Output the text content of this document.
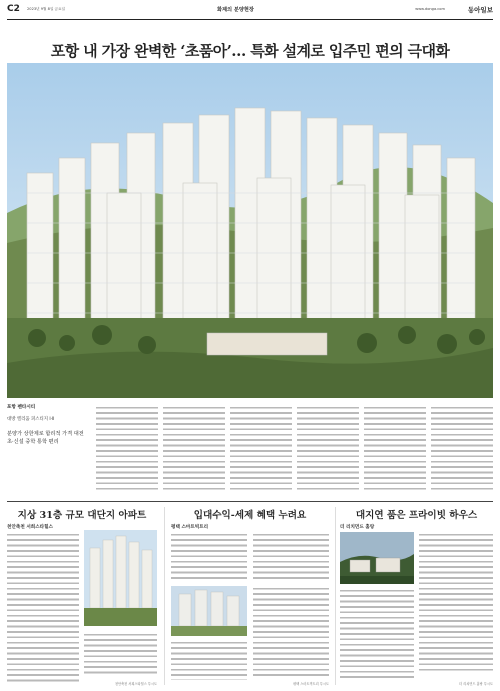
C2 2023년 9월 8일 금요일	화제의 분양현장	www.donga.com	동아일보
포항 내 가장 완벽한 ‘초품아’… 특화 설계로 입주민 편의 극대화
포항 펜타시티
대방 엘리움 퍼스티지 Ⅰ·Ⅱ
분양가 상한제로 합리적 가격 대전초·신설 중학 통학 편리
지상 31층 규모 대단지 아파트
천안축천 서희스타힐스
천안축천 서희스타힐스 투시도
입대수익-세제 혜택 누려요
평택 스마트빅트리
평택 스마트빅트리 투시도
대지연 품은 프라이빗 하우스
더 리치먼드 홈랑
더 리치먼드 홈랑 투시도
